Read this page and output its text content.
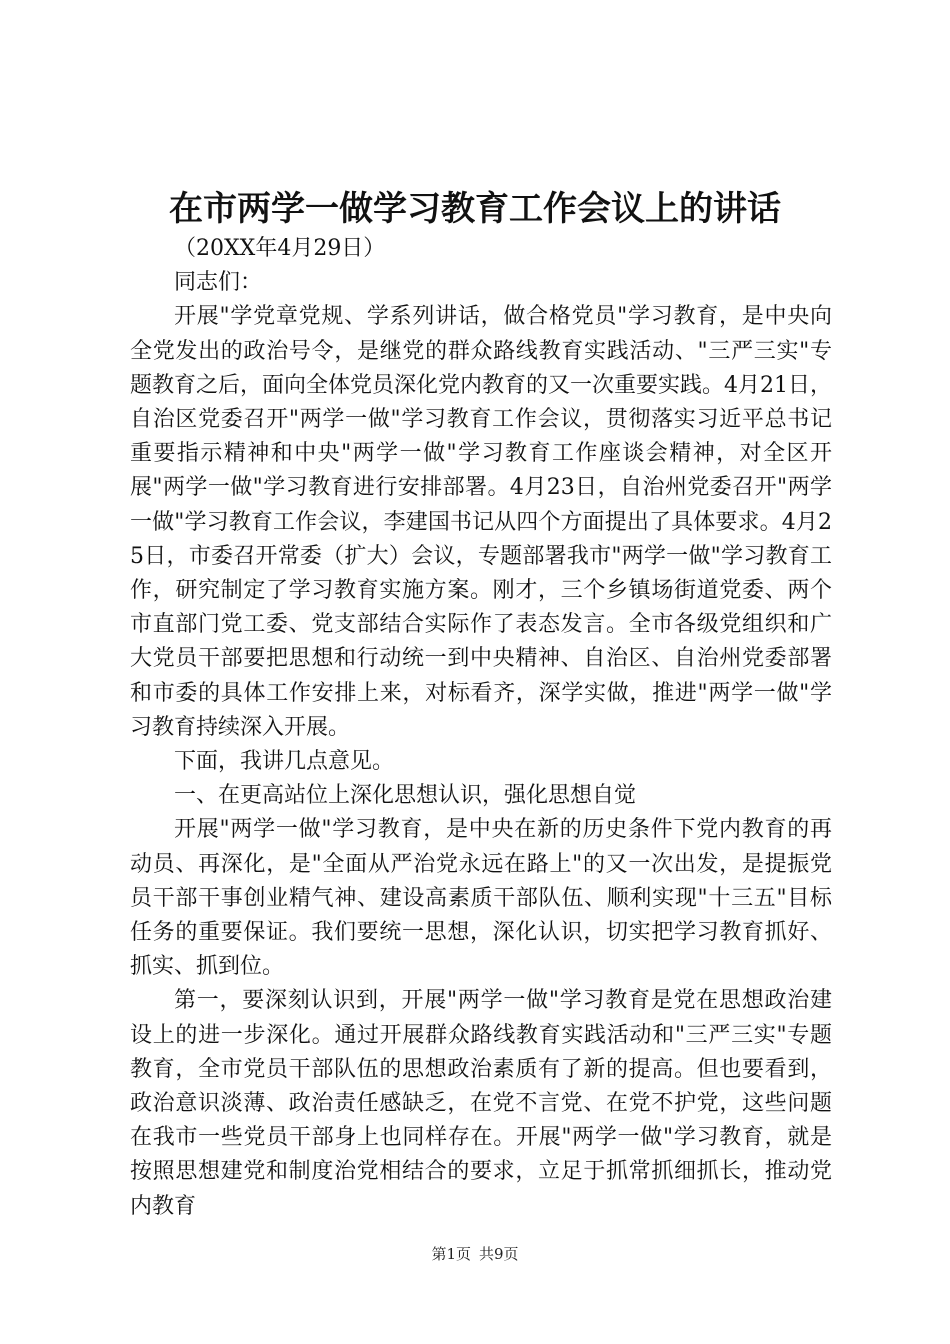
在市两学一做学习教育工作会议上的讲话

（20XX年4月29日）

同志们：

开展"学党章党规、学系列讲话，做合格党员"学习教育，是中央向全党发出的政治号令，是继党的群众路线教育实践活动、"三严三实"专题教育之后，面向全体党员深化党内教育的又一次重要实践。4月21日，自治区党委召开"两学一做"学习教育工作会议，贯彻落实习近平总书记重要指示精神和中央"两学一做"学习教育工作座谈会精神，对全区开展"两学一做"学习教育进行安排部署。4月23日，自治州党委召开"两学一做"学习教育工作会议，李建国书记从四个方面提出了具体要求。4月25日，市委召开常委（扩大）会议，专题部署我市"两学一做"学习教育工作，研究制定了学习教育实施方案。刚才，三个乡镇场街道党委、两个市直部门党工委、党支部结合实际作了表态发言。全市各级党组织和广大党员干部要把思想和行动统一到中央精神、自治区、自治州党委部署和市委的具体工作安排上来，对标看齐，深学实做，推进"两学一做"学习教育持续深入开展。

下面，我讲几点意见。

一、在更高站位上深化思想认识，强化思想自觉

开展"两学一做"学习教育，是中央在新的历史条件下党内教育的再动员、再深化，是"全面从严治党永远在路上"的又一次出发，是提振党员干部干事创业精气神、建设高素质干部队伍、顺利实现"十三五"目标任务的重要保证。我们要统一思想，深化认识，切实把学习教育抓好、抓实、抓到位。

第一，要深刻认识到，开展"两学一做"学习教育是党在思想政治建设上的进一步深化。通过开展群众路线教育实践活动和"三严三实"专题教育，全市党员干部队伍的思想政治素质有了新的提高。但也要看到，政治意识淡薄、政治责任感缺乏，在党不言党、在党不护党，这些问题在我市一些党员干部身上也同样存在。开展"两学一做"学习教育，就是按照思想建党和制度治党相结合的要求，立足于抓常抓细抓长，推动党内教育

第1页 共9页
